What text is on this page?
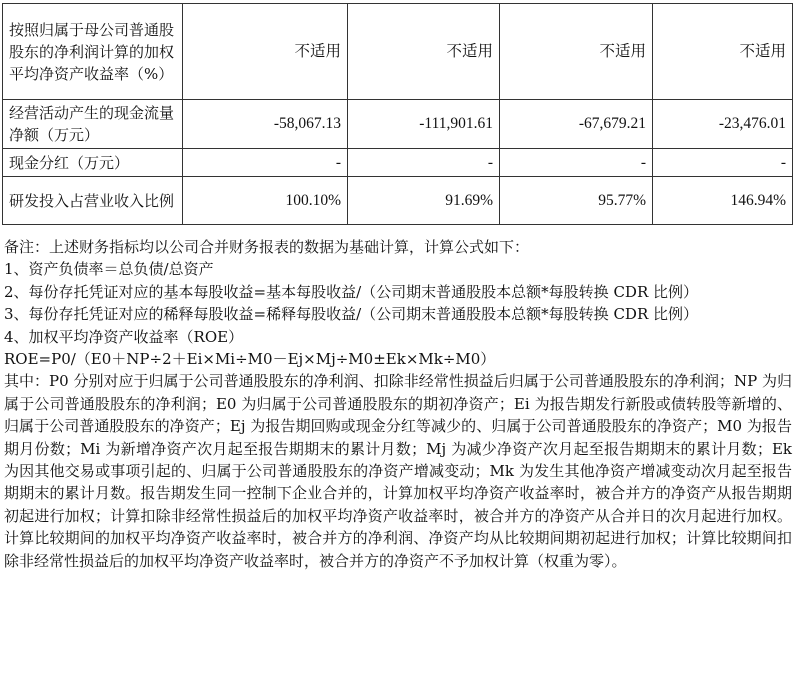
按照归属于母公司普通股股东的净利润计算的加权平均净资产收益率（%）	不适用	不适用	不适用	不适用
经营活动产生的现金流量净额（万元）	-58,067.13	-111,901.61	-67,679.21	-23,476.01
现金分红（万元）	-	-	-	-
研发投入占营业收入比例	100.10%	91.69%	95.77%	146.94%

备注：上述财务指标均以公司合并财务报表的数据为基础计算，计算公式如下：

1、资产负债率＝总负债/总资产

2、每份存托凭证对应的基本每股收益=基本每股收益/（公司期末普通股股本总额*每股转换 CDR 比例）

3、每份存托凭证对应的稀释每股收益=稀释每股收益/（公司期末普通股股本总额*每股转换 CDR 比例）

4、加权平均净资产收益率（ROE）

ROE=P0/（E0＋NP÷2＋Ei×Mi÷M0－Ej×Mj÷M0±Ek×Mk÷M0）

其中：P0 分别对应于归属于公司普通股股东的净利润、扣除非经常性损益后归属于公司普通股股东的净利润；NP 为归属于公司普通股股东的净利润；E0 为归属于公司普通股股东的期初净资产；Ei 为报告期发行新股或债转股等新增的、归属于公司普通股股东的净资产；Ej 为报告期回购或现金分红等减少的、归属于公司普通股股东的净资产；M0 为报告期月份数；Mi 为新增净资产次月起至报告期期末的累计月数；Mj 为减少净资产次月起至报告期期末的累计月数；Ek 为因其他交易或事项引起的、归属于公司普通股股东的净资产增减变动；Mk 为发生其他净资产增减变动次月起至报告期期末的累计月数。报告期发生同一控制下企业合并的，计算加权平均净资产收益率时，被合并方的净资产从报告期期初起进行加权；计算扣除非经常性损益后的加权平均净资产收益率时，被合并方的净资产从合并日的次月起进行加权。计算比较期间的加权平均净资产收益率时，被合并方的净利润、净资产均从比较期间期初起进行加权；计算比较期间扣除非经常性损益后的加权平均净资产收益率时，被合并方的净资产不予加权计算（权重为零）。
